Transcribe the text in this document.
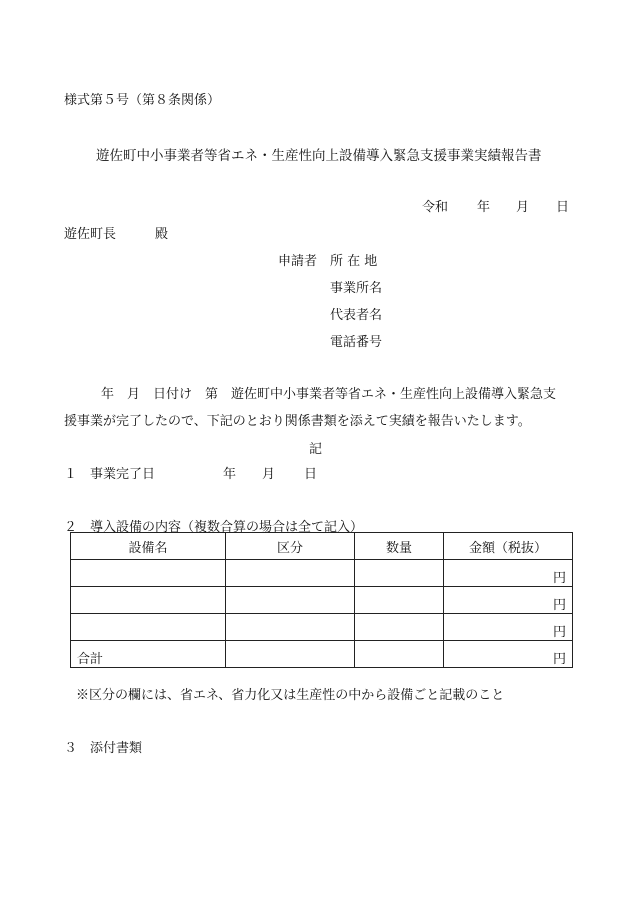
様式第５号（第８条関係）
遊佐町中小事業者等省エネ・生産性向上設備導入緊急支援事業実績報告書
令和 年 月 日
遊佐町長	殿
申請者 所 在 地
事業所名
代表者名
電話番号
　年　月　日付け　第　遊佐町中小事業者等省エネ・生産性向上設備導入緊急支
援事業が完了したので、下記のとおり関係書類を添えて実績を報告いたします。
記
１　事業完了日	年 月 日
２　導入設備の内容（複数合算の場合は全て記入）
設備名	区分	数量	金額（税抜）
			円
			円
			円
合計			円
※区分の欄には、省エネ、省力化又は生産性の中から設備ごと記載のこと
３　添付書類
